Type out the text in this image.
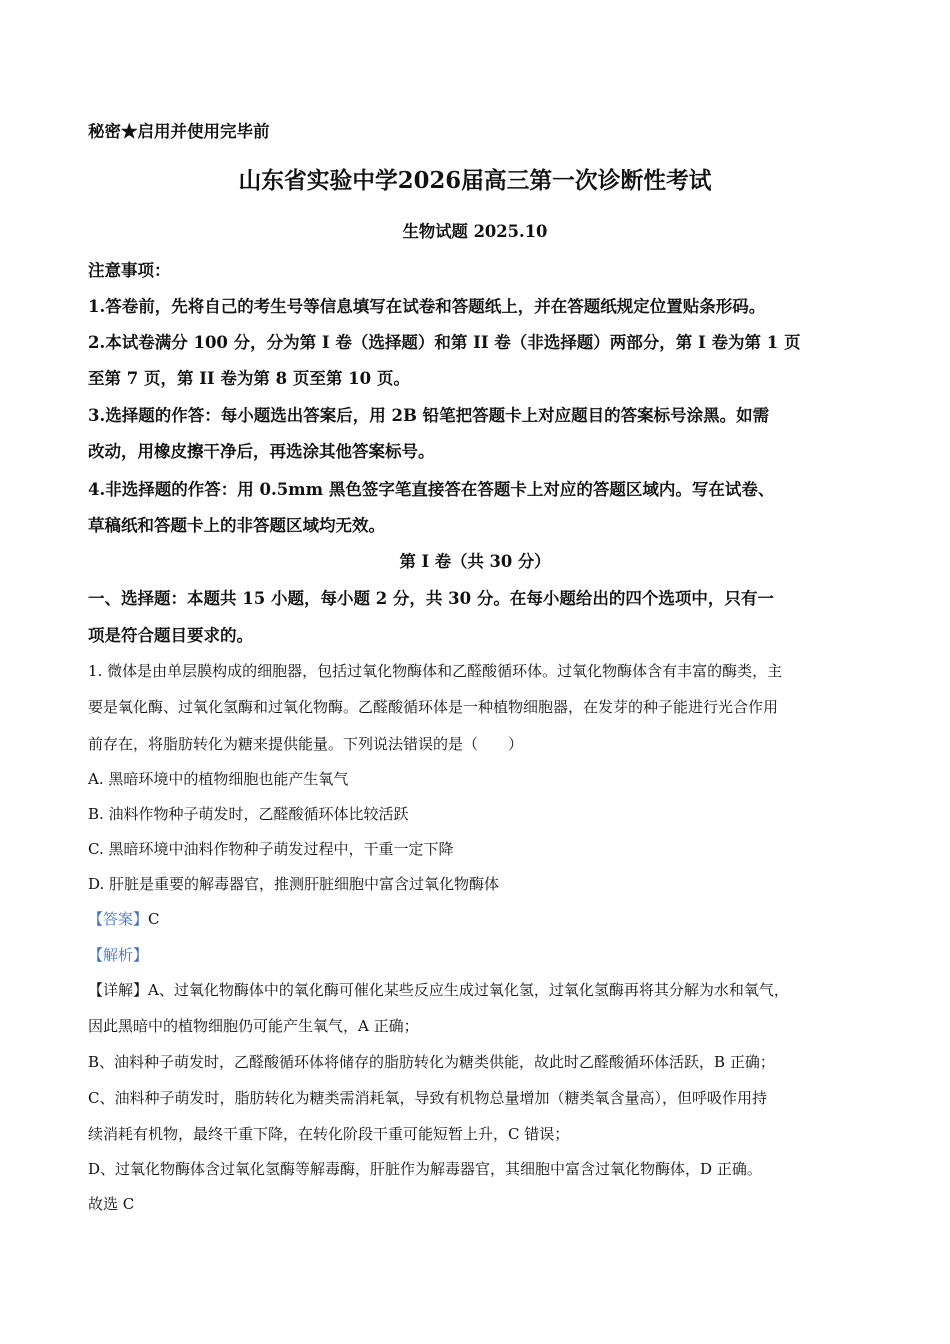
秘密★启用并使用完毕前
山东省实验中学2026届高三第一次诊断性考试
生物试题 2025.10
注意事项：
1.答卷前，先将自己的考生号等信息填写在试卷和答题纸上，并在答题纸规定位置贴条形码。
2.本试卷满分 100 分，分为第 I 卷（选择题）和第 II 卷（非选择题）两部分，第 I 卷为第 1 页
至第 7 页，第 II 卷为第 8 页至第 10 页。
3.选择题的作答：每小题选出答案后，用 2B 铅笔把答题卡上对应题目的答案标号涂黑。如需
改动，用橡皮擦干净后，再选涂其他答案标号。
4.非选择题的作答：用 0.5mm 黑色签字笔直接答在答题卡上对应的答题区域内。写在试卷、
草稿纸和答题卡上的非答题区域均无效。
第 I 卷（共 30 分）
一、选择题：本题共 15 小题，每小题 2 分，共 30 分。在每小题给出的四个选项中，只有一
项是符合题目要求的。
1. 微体是由单层膜构成的细胞器，包括过氧化物酶体和乙醛酸循环体。过氧化物酶体含有丰富的酶类，主
要是氧化酶、过氧化氢酶和过氧化物酶。乙醛酸循环体是一种植物细胞器，在发芽的种子能进行光合作用
前存在，将脂肪转化为糖来提供能量。下列说法错误的是（　　）
A. 黑暗环境中的植物细胞也能产生氧气
B. 油料作物种子萌发时，乙醛酸循环体比较活跃
C. 黑暗环境中油料作物种子萌发过程中，干重一定下降
D. 肝脏是重要的解毒器官，推测肝脏细胞中富含过氧化物酶体
【答案】C
【解析】
【详解】A、过氧化物酶体中的氧化酶可催化某些反应生成过氧化氢，过氧化氢酶再将其分解为水和氧气，
因此黑暗中的植物细胞仍可能产生氧气，A 正确；
B、油料种子萌发时，乙醛酸循环体将储存的脂肪转化为糖类供能，故此时乙醛酸循环体活跃，B 正确；
C、油料种子萌发时，脂肪转化为糖类需消耗氧，导致有机物总量增加（糖类氧含量高），但呼吸作用持
续消耗有机物，最终干重下降，在转化阶段干重可能短暂上升，C 错误；
D、过氧化物酶体含过氧化氢酶等解毒酶，肝脏作为解毒器官，其细胞中富含过氧化物酶体，D 正确。
故选 C
